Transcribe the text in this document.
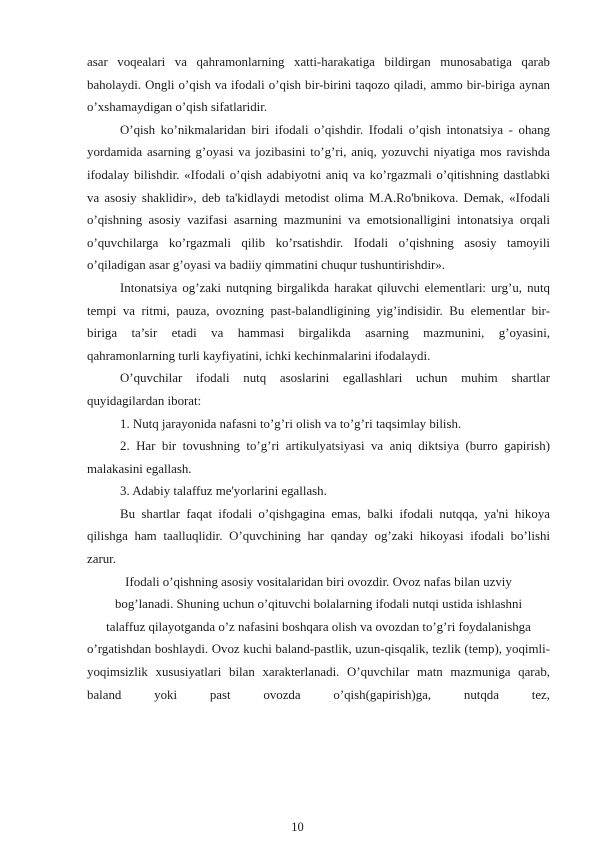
asar voqealari va qahramonlarning xatti-harakatiga bildirgan munosabatiga qarab baholaydi. Ongli o’qish va ifodali o’qish bir-birini taqozo qiladi, ammo bir-biriga aynan o’xshamaydigan o’qish sifatlaridir.

O’qish ko’nikmalaridan biri ifodali o’qishdir. Ifodali o’qish intonatsiya - ohang yordamida asarning g’oyasi va jozibasini to’g’ri, aniq, yozuvchi niyatiga mos ravishda ifodalay bilishdir. «Ifodali o’qish adabiyotni aniq va ko’rgazmali o’qitishning dastlabki va asosiy shaklidir», deb ta'kidlaydi metodist olima M.A.Ro'bnikova. Demak, «Ifodali o’qishning asosiy vazifasi asarning mazmunini va emotsionalligini intonatsiya orqali o’quvchilarga ko’rgazmali qilib ko’rsatishdir. Ifodali o’qishning asosiy tamoyili o’qiladigan asar g’oyasi va badiiy qimmatini chuqur tushuntirishdir».

Intonatsiya og’zaki nutqning birgalikda harakat qiluvchi elementlari: urg’u, nutq tempi va ritmi, pauza, ovozning past-balandligining yig’indisidir. Bu elementlar bir-biriga ta’sir etadi va hammasi birgalikda asarning mazmunini, g’oyasini, qahramonlarning turli kayfiyatini, ichki kechinmalarini ifodalaydi.

O’quvchilar ifodali nutq asoslarini egallashlari uchun muhim shartlar quyidagilardan iborat:

1. Nutq jarayonida nafasni to’g’ri olish va to’g’ri taqsimlay bilish.

2. Har bir tovushning to’g’ri artikulyatsiyasi va aniq diktsiya (burro gapirish) malakasini egallash.

3. Adabiy talaffuz me'yorlarini egallash.

Bu shartlar faqat ifodali o’qishgagina emas, balki ifodali nutqqa, ya'ni hikoya qilishga ham taalluqlidir. O’quvchining har qanday og’zaki hikoyasi ifodali bo’lishi zarur.

Ifodali o’qishning asosiy vositalaridan biri ovozdir. Ovoz nafas bilan uzviy

bog’lanadi. Shuning uchun o’qituvchi bolalarning ifodali nutqi ustida ishlashni

talaffuz qilayotganda o’z nafasini boshqara olish va ovozdan to’g’ri foydalanishga

o’rgatishdan boshlaydi. Ovoz kuchi baland-pastlik, uzun-qisqalik, tezlik (temp), yoqimli-yoqimsizlik xususiyatlari bilan xarakterlanadi. O’quvchilar matn mazmuniga qarab, baland yoki past ovozda o’qish(gapirish)ga, nutqda tez,

10
